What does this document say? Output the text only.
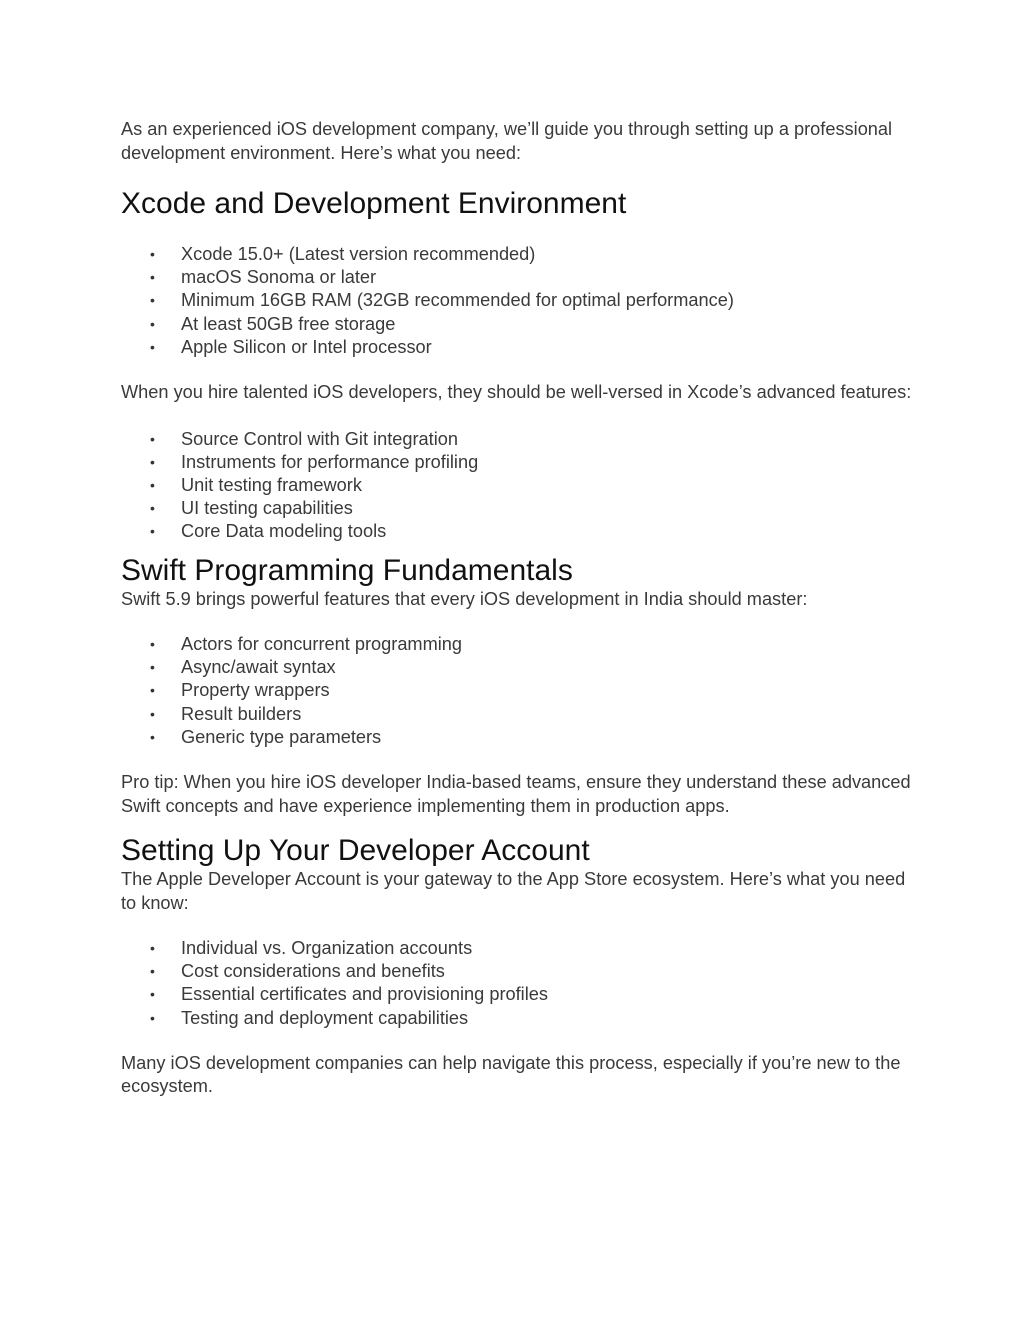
As an experienced iOS development company, we’ll guide you through setting up a professional development environment. Here’s what you need:

Xcode and Development Environment
• Xcode 15.0+ (Latest version recommended)
• macOS Sonoma or later
• Minimum 16GB RAM (32GB recommended for optimal performance)
• At least 50GB free storage
• Apple Silicon or Intel processor

When you hire talented iOS developers, they should be well-versed in Xcode’s advanced features:

• Source Control with Git integration
• Instruments for performance profiling
• Unit testing framework
• UI testing capabilities
• Core Data modeling tools
Swift Programming Fundamentals

Swift 5.9 brings powerful features that every iOS development in India should master:

• Actors for concurrent programming
• Async/await syntax
• Property wrappers
• Result builders
• Generic type parameters

Pro tip: When you hire iOS developer India-based teams, ensure they understand these advanced Swift concepts and have experience implementing them in production apps.

Setting Up Your Developer Account

The Apple Developer Account is your gateway to the App Store ecosystem. Here’s what you need to know:

• Individual vs. Organization accounts
• Cost considerations and benefits
• Essential certificates and provisioning profiles
• Testing and deployment capabilities

Many iOS development companies can help navigate this process, especially if you’re new to the ecosystem.
